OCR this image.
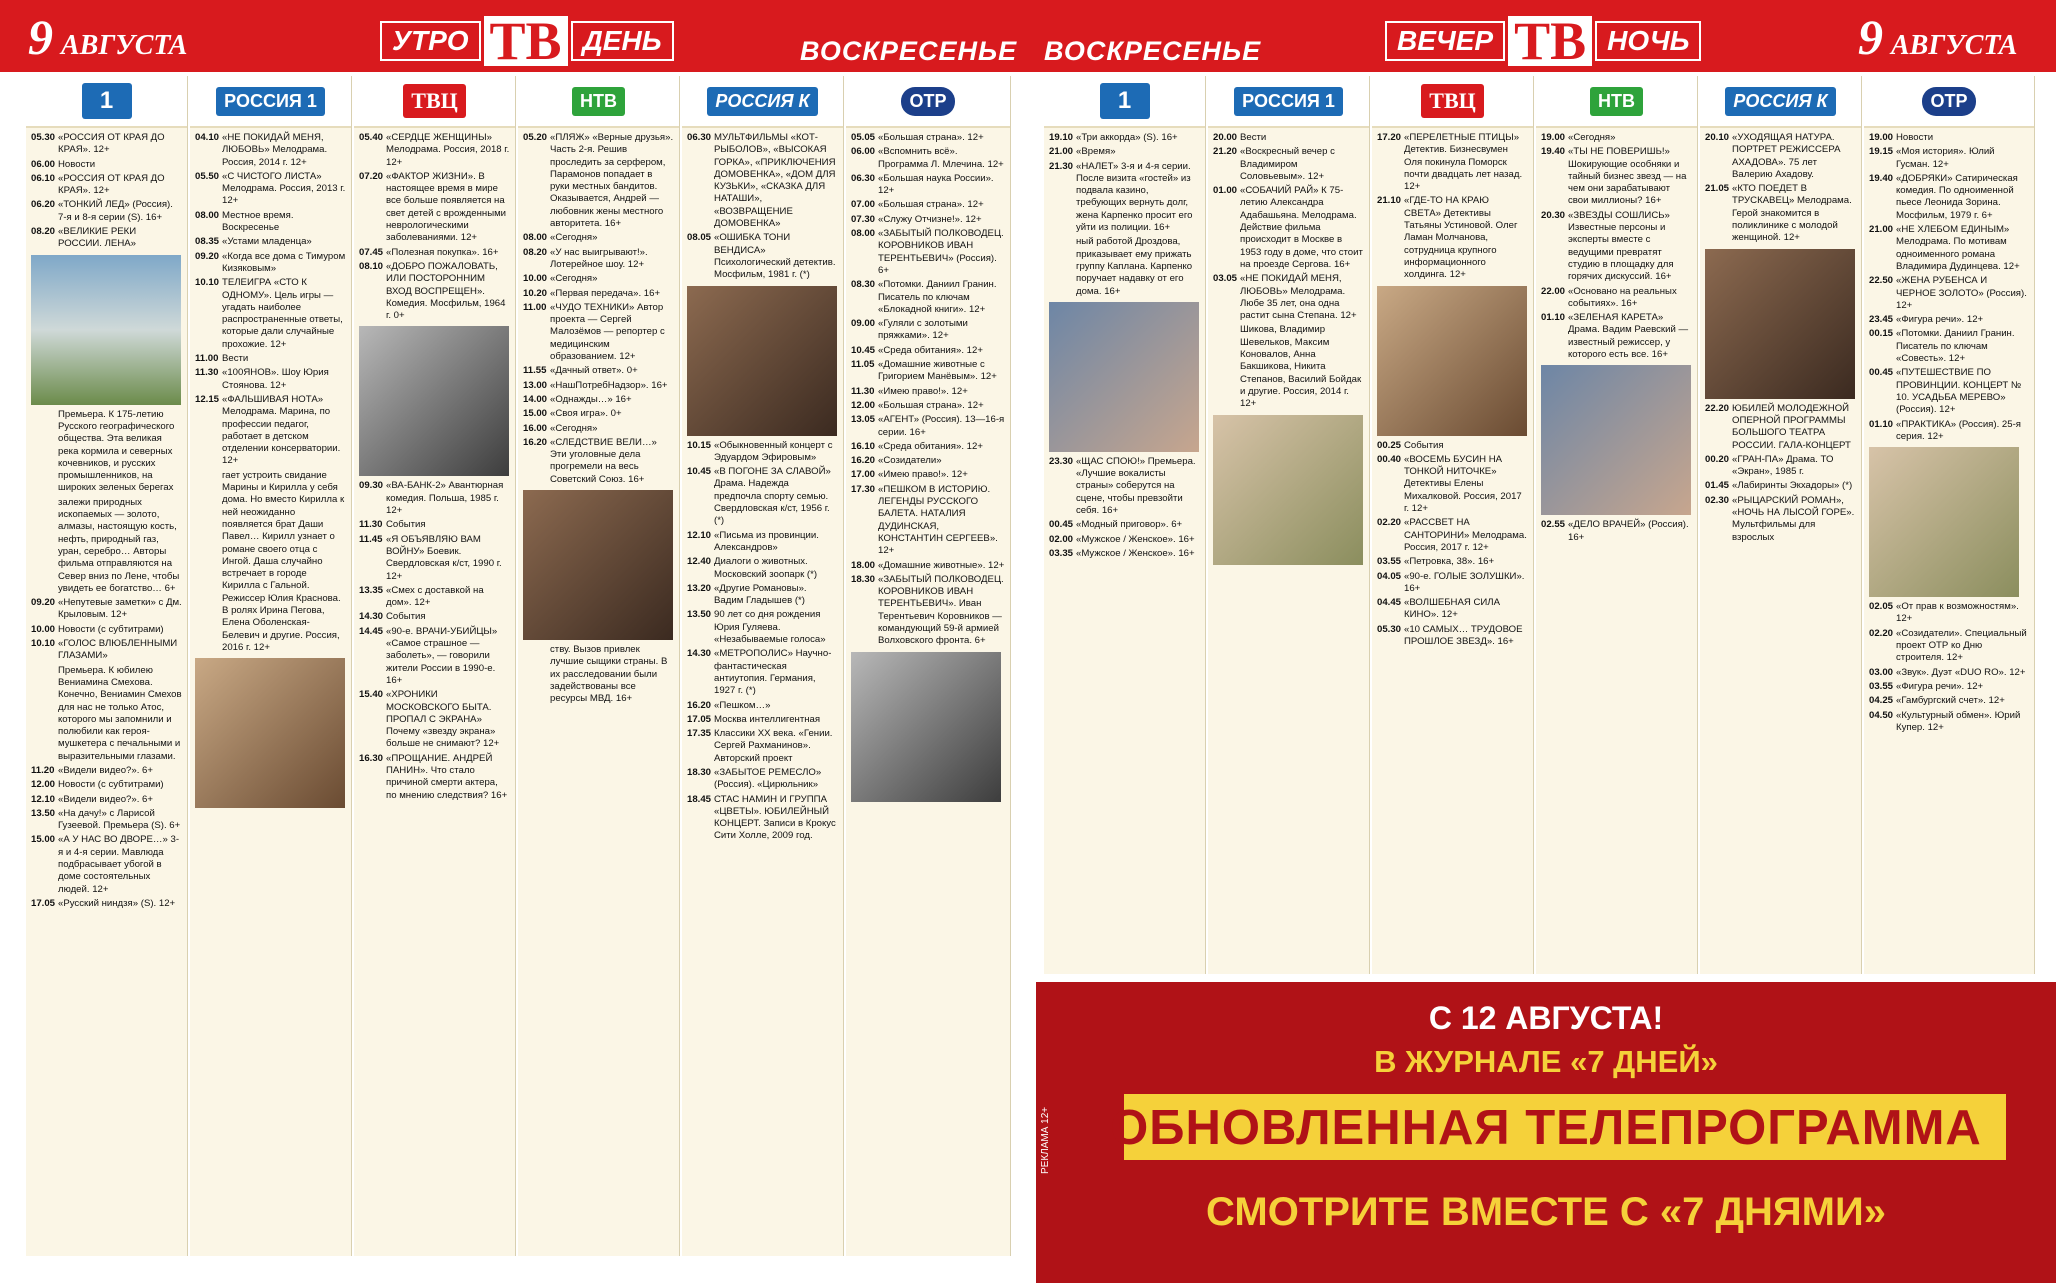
9 АВГУСТА	УТРО ТВ ДЕНЬ	ВОСКРЕСЕНЬЕ ВОСКРЕСЕНЬЕ	ВЕЧЕР ТВ НОЧЬ	9 АВГУСТА
1
05.30 «РОССИЯ ОТ КРАЯ ДО КРАЯ». 12+
06.00 Новости
06.10 «РОССИЯ ОТ КРАЯ ДО КРАЯ». 12+
06.20 «ТОНКИЙ ЛЕД» (Россия). 7-я и 8-я серии (S). 16+
08.20 «ВЕЛИКИЕ РЕКИ РОССИИ. ЛЕНА»
Премьера. К 175-летию Русского географического общества. Эта великая река кормила и северных кочевников, и русских промышленников, на широких зеленых берегах
залежи природных ископаемых — золото, алмазы, настоящую кость, нефть, природный газ, уран, серебро… Авторы фильма отправляются на Север вниз по Лене, чтобы увидеть ее богатство… 6+
09.20 «Непутевые заметки» с Дм. Крыловым. 12+
10.00 Новости (с субтитрами)
10.10 «ГОЛОС ВЛЮБЛЕННЫМИ ГЛАЗАМИ»
Премьера. К юбилею Вениамина Смехова. Конечно, Вениамин Смехов для нас не только Атос, которого мы запомнили и полюбили как героя-мушкетера с печальными и выразительными глазами.
11.20 «Видели видео?». 6+
12.00 Новости (с субтитрами)
12.10 «Видели видео?». 6+
13.50 «На дачу!» с Ларисой Гузеевой. Премьера (S). 6+
15.00 «А У НАС ВО ДВОРЕ…» 3-я и 4-я серии. Мавлюда подбрасывает убогой в доме состоятельных людей. 12+
17.05 «Русский ниндзя» (S). 12+
РОССИЯ 1
04.10 «НЕ ПОКИДАЙ МЕНЯ, ЛЮБОВЬ» Мелодрама. Россия, 2014 г. 12+
05.50 «С ЧИСТОГО ЛИСТА» Мелодрама. Россия, 2013 г. 12+
08.00 Местное время. Воскресенье
08.35 «Устами младенца»
09.20 «Когда все дома с Тимуром Кизяковым»
10.10 ТЕЛЕИГРА «СТО К ОДНОМУ». Цель игры — угадать наиболее распространенные ответы, которые дали случайные прохожие. 12+
11.00 Вести
11.30 «100ЯНОВ». Шоу Юрия Стоянова. 12+
12.15 «ФАЛЬШИВАЯ НОТА» Мелодрама. Марина, по профессии педагог, работает в детском отделении консерватории. 12+
гает устроить свидание Марины и Кирилла у себя дома. Но вместо Кирилла к ней неожиданно появляется брат Даши Павел… Кирилл узнает о романе своего отца с Ингой. Даша случайно встречает в городе Кирилла с Гальной. Режиссер Юлия Краснова. В ролях Ирина Пегова, Елена Оболенская-Белевич и другие. Россия, 2016 г. 12+
ТВЦ
05.40 «СЕРДЦЕ ЖЕНЩИНЫ» Мелодрама. Россия, 2018 г. 12+
07.20 «ФАКТОР ЖИЗНИ». В настоящее время в мире все больше появляется на свет детей с врожденными неврологическими заболеваниями. 12+
07.45 «Полезная покупка». 16+
08.10 «ДОБРО ПОЖАЛОВАТЬ, ИЛИ ПОСТОРОННИМ ВХОД ВОСПРЕЩЕН». Комедия. Мосфильм, 1964 г. 0+
09.30 «ВА-БАНК-2» Авантюрная комедия. Польша, 1985 г. 12+
11.30 События
11.45 «Я ОБЪЯВЛЯЮ ВАМ ВОЙНУ» Боевик. Свердловская к/ст, 1990 г. 12+
13.35 «Смех с доставкой на дом». 12+
14.30 События
14.45 «90-е. ВРАЧИ-УБИЙЦЫ» «Самое страшное — заболеть», — говорили жители России в 1990-е. 16+
15.40 «ХРОНИКИ МОСКОВСКОГО БЫТА. ПРОПАЛ С ЭКРАНА» Почему «звезду экрана» больше не снимают? 12+
16.30 «ПРОЩАНИЕ. АНДРЕЙ ПАНИН». Что стало причиной смерти актера, по мнению следствия? 16+
НТВ
05.20 «ПЛЯЖ» «Верные друзья». Часть 2-я. Решив проследить за серфером, Парамонов попадает в руки местных бандитов. Оказывается, Андрей — любовник жены местного авторитета. 16+
08.00 «Сегодня»
08.20 «У нас выигрывают!». Лотерейное шоу. 12+
10.00 «Сегодня»
10.20 «Первая передача». 16+
11.00 «ЧУДО ТЕХНИКИ» Автор проекта — Сергей Малозёмов — репортер с медицинским образованием. 12+
11.55 «Дачный ответ». 0+
13.00 «НашПотребНадзор». 16+
14.00 «Однажды…» 16+
15.00 «Своя игра». 0+
16.00 «Сегодня»
16.20 «СЛЕДСТВИЕ ВЕЛИ…» Эти уголовные дела прогремели на весь Советский Союз. 16+
ству. Вызов привлек лучшие сыщики страны. В их расследовании были задействованы все ресурсы МВД. 16+
РОССИЯ К
06.30 МУЛЬТФИЛЬМЫ «КОТ-РЫБОЛОВ», «ВЫСОКАЯ ГОРКА», «ПРИКЛЮЧЕНИЯ ДОМОВЕНКА», «ДОМ ДЛЯ КУЗЬКИ», «СКАЗКА ДЛЯ НАТАШИ», «ВОЗВРАЩЕНИЕ ДОМОВЕНКА»
08.05 «ОШИБКА ТОНИ ВЕНДИСА» Психологический детектив. Мосфильм, 1981 г. (*)
10.15 «Обыкновенный концерт с Эдуардом Эфировым»
10.45 «В ПОГОНЕ ЗА СЛАВОЙ» Драма. Надежда предпочла спорту семью. Свердловская к/ст, 1956 г. (*)
12.10 «Письма из провинции. Александров»
12.40 Диалоги о животных. Московский зоопарк (*)
13.20 «Другие Романовы». Вадим Гладышев (*)
13.50 90 лет со дня рождения Юрия Гуляева. «Незабываемые голоса»
14.30 «МЕТРОПОЛИС» Научно-фантастическая антиутопия. Германия, 1927 г. (*)
16.20 «Пешком…»
17.05 Москва интеллигентная
17.35 Классики ХХ века. «Гении. Сергей Рахманинов». Авторский проект
18.30 «ЗАБЫТОЕ РЕМЕСЛО» (Россия). «Цирюльник»
18.45 СТАС НАМИН И ГРУППА «ЦВЕТЫ». ЮБИЛЕЙНЫЙ КОНЦЕРТ. Записи в Крокус Сити Холле, 2009 год.
ОТР
05.05 «Большая страна». 12+
06.00 «Вспомнить всё». Программа Л. Млечина. 12+
06.30 «Большая наука России». 12+
07.00 «Большая страна». 12+
07.30 «Служу Отчизне!». 12+
08.00 «ЗАБЫТЫЙ ПОЛКОВОДЕЦ. КОРОВНИКОВ ИВАН ТЕРЕНТЬЕВИЧ» (Россия). 6+
08.30 «Потомки. Даниил Гранин. Писатель по ключам «Блокадной книги». 12+
09.00 «Гуляли с золотыми пряжками». 12+
10.45 «Среда обитания». 12+
11.05 «Домашние животные с Григорием Манёвым». 12+
11.30 «Имею право!». 12+
12.00 «Большая страна». 12+
13.05 «АГЕНТ» (Россия). 13—16-я серии. 16+
16.10 «Среда обитания». 12+
16.20 «Созидатели»
17.00 «Имею право!». 12+
17.30 «ПЕШКОМ В ИСТОРИЮ. ЛЕГЕНДЫ РУССКОГО БАЛЕТА. НАТАЛИЯ ДУДИНСКАЯ, КОНСТАНТИН СЕРГЕЕВ». 12+
18.00 «Домашние животные». 12+
18.30 «ЗАБЫТЫЙ ПОЛКОВОДЕЦ. КОРОВНИКОВ ИВАН ТЕРЕНТЬЕВИЧ». Иван Терентьевич Коровников — командующий 59-й армией Волховского фронта. 6+
1
19.10 «Три аккорда» (S). 16+
21.00 «Время»
21.30 «НАЛЕТ» 3-я и 4-я серии. После визита «гостей» из подвала казино, требующих вернуть долг, жена Карпенко просит его уйти из полиции. 16+
ный работой Дроздова, приказывает ему прижать группу Каплана. Карпенко поручает надавку от его дома. 16+
23.30 «ЩАС СПОЮ!» Премьера. «Лучшие вокалисты страны» соберутся на сцене, чтобы превзойти себя. 16+
00.45 «Модный приговор». 6+
02.00 «Мужское / Женское». 16+
03.35 «Мужское / Женское». 16+
РОССИЯ 1
20.00 Вести
21.20 «Воскресный вечер с Владимиром Соловьевым». 12+
01.00 «СОБАЧИЙ РАЙ» К 75-летию Александра Адабашьяна. Мелодрама. Действие фильма происходит в Москве в 1953 году в доме, что стоит на проезде Сергова. 16+
03.05 «НЕ ПОКИДАЙ МЕНЯ, ЛЮБОВЬ» Мелодрама. Любе 35 лет, она одна растит сына Степана. 12+
Шикова, Владимир Шевельков, Максим Коновалов, Анна Бакшикова, Никита Степанов, Василий Бойдак и другие. Россия, 2014 г. 12+
ТВЦ
17.20 «ПЕРЕЛЕТНЫЕ ПТИЦЫ» Детектив. Бизнесвумен Оля покинула Поморск почти двадцать лет назад. 12+
21.10 «ГДЕ-ТО НА КРАЮ СВЕТА» Детективы Татьяны Устиновой. Олег Ламан Молчанова, сотрудница крупного информационного холдинга. 12+
00.25 События
00.40 «ВОСЕМЬ БУСИН НА ТОНКОЙ НИТОЧКЕ» Детективы Елены Михалковой. Россия, 2017 г. 12+
02.20 «РАССВЕТ НА САНТОРИНИ» Мелодрама. Россия, 2017 г. 12+
03.55 «Петровка, 38». 16+
04.05 «90-е. ГОЛЫЕ ЗОЛУШКИ». 16+
04.45 «ВОЛШЕБНАЯ СИЛА КИНО». 12+
05.30 «10 САМЫХ… ТРУДОВОЕ ПРОШЛОЕ ЗВЕЗД». 16+
НТВ
19.00 «Сегодня»
19.40 «ТЫ НЕ ПОВЕРИШЬ!» Шокирующие особняки и тайный бизнес звезд — на чем они зарабатывают свои миллионы? 16+
20.30 «ЗВЕЗДЫ СОШЛИСЬ» Известные персоны и эксперты вместе с ведущими превратят студию в площадку для горячих дискуссий. 16+
22.00 «Основано на реальных событиях». 16+
01.10 «ЗЕЛЕНАЯ КАРЕТА» Драма. Вадим Раевский — известный режиссер, у которого есть все. 16+
02.55 «ДЕЛО ВРАЧЕЙ» (Россия). 16+
РОССИЯ К
20.10 «УХОДЯЩАЯ НАТУРА. ПОРТРЕТ РЕЖИССЕРА АХАДОВА». 75 лет Валерию Ахадову.
21.05 «КТО ПОЕДЕТ В ТРУСКАВЕЦ» Мелодрама. Герой знакомится в поликлинике с молодой женщиной. 12+
22.20 ЮБИЛЕЙ МОЛОДЕЖНОЙ ОПЕРНОЙ ПРОГРАММЫ БОЛЬШОГО ТЕАТРА РОССИИ. ГАЛА-КОНЦЕРТ
00.20 «ГРАН-ПА» Драма. ТО «Экран», 1985 г.
01.45 «Лабиринты Экхадоры» (*)
02.30 «РЫЦАРСКИЙ РОМАН», «НОЧЬ НА ЛЫСОЙ ГОРЕ». Мультфильмы для взрослых
ОТР
19.00 Новости
19.15 «Моя история». Юлий Гусман. 12+
19.40 «ДОБРЯКИ» Сатирическая комедия. По одноименной пьесе Леонида Зорина. Мосфильм, 1979 г. 6+
21.00 «НЕ ХЛЕБОМ ЕДИНЫМ» Мелодрама. По мотивам одноименного романа Владимира Дудинцева. 12+
22.50 «ЖЕНА РУБЕНСА И ЧЕРНОЕ ЗОЛОТО» (Россия). 12+
23.45 «Фигура речи». 12+
00.15 «Потомки. Даниил Гранин. Писатель по ключам «Совесть». 12+
00.45 «ПУТЕШЕСТВИЕ ПО ПРОВИНЦИИ. КОНЦЕРТ № 10. УСАДЬБА МЕРЕВО» (Россия). 12+
01.10 «ПРАКТИКА» (Россия). 25-я серия. 12+
02.05 «От прав к возможностям». 12+
02.20 «Созидатели». Специальный проект ОТР ко Дню строителя. 12+
03.00 «Звук». Дуэт «DUO RO». 12+
03.55 «Фигура речи». 12+
04.25 «Гамбургский счет». 12+
04.50 «Культурный обмен». Юрий Купер. 12+
С 12 АВГУСТА!
В ЖУРНАЛЕ «7 ДНЕЙ»
ОБНОВЛЕННАЯ ТЕЛЕПРОГРАММА
СМОТРИТЕ ВМЕСТЕ С «7 ДНЯМИ»
РЕКЛАМА 12+
